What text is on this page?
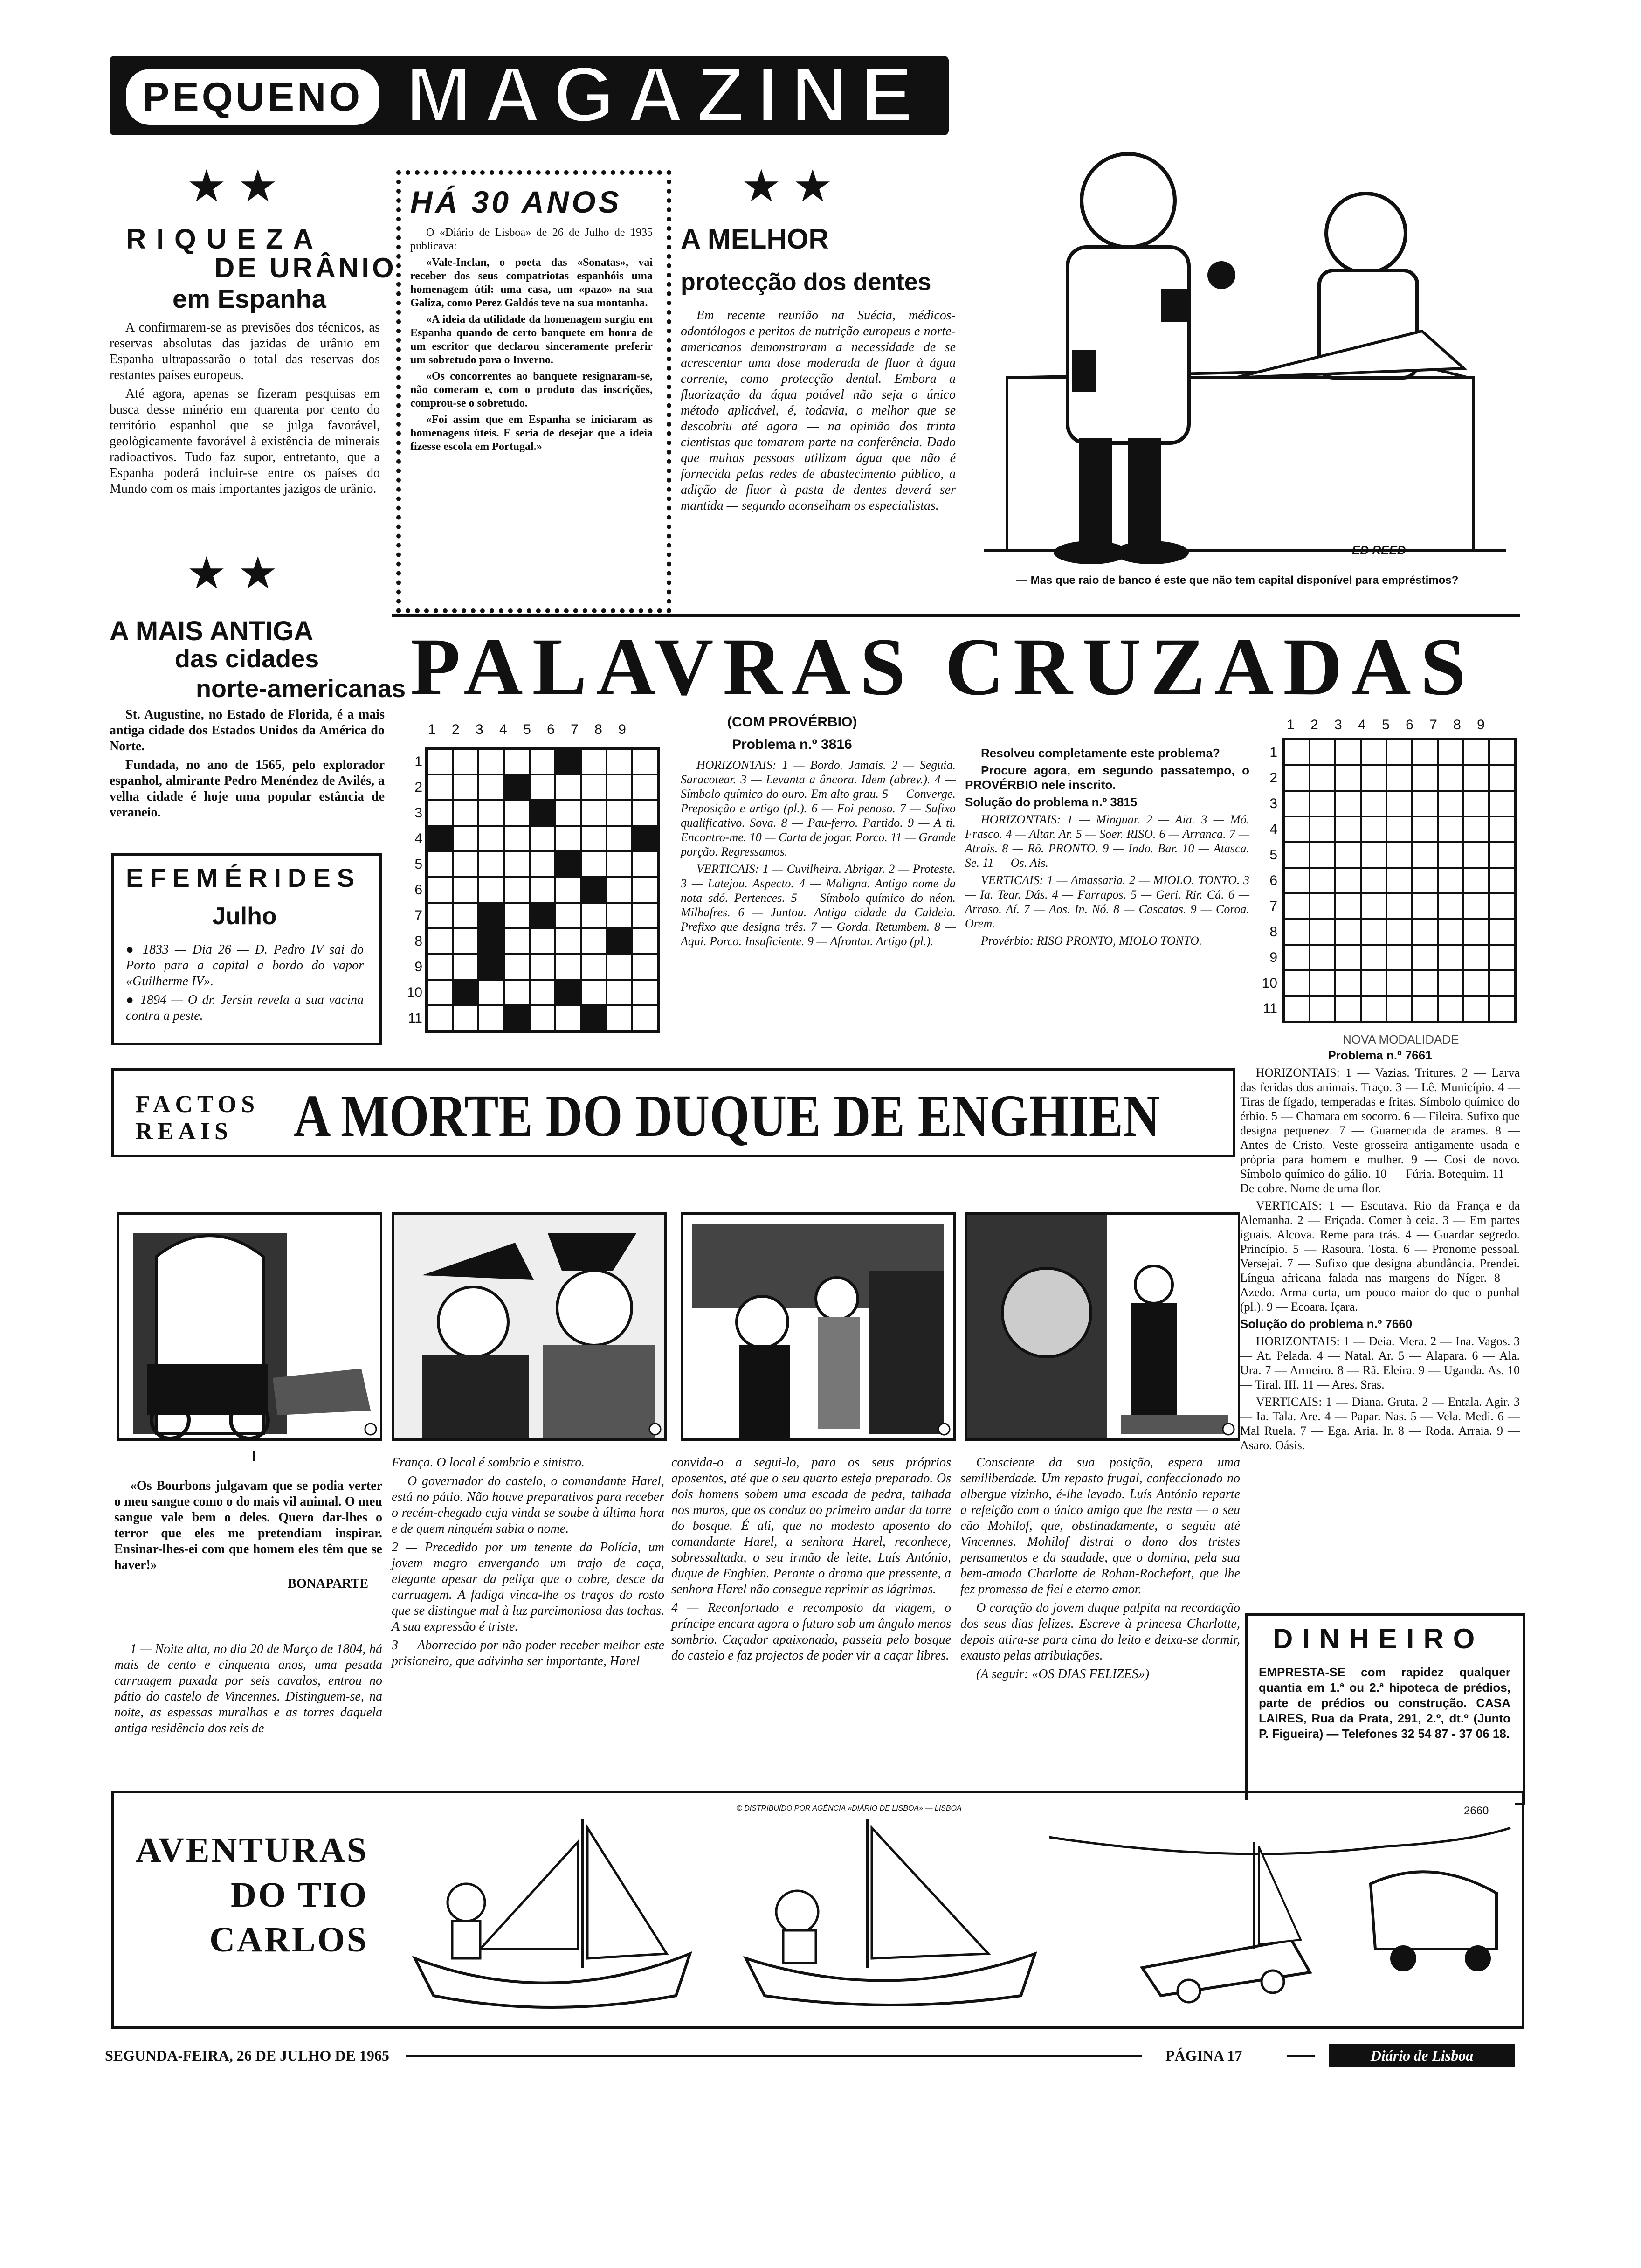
PEQUENO MAGAZINE
★★
RIQUEZA
DE URÂNIO
em Espanha

A confirmarem-se as previsões dos técnicos, as reservas absolutas das jazidas de urânio em Espanha ultrapassarão o total das reservas dos restantes países europeus.

Até agora, apenas se fizeram pesquisas em busca desse minério em quarenta por cento do território espanhol que se julga favorável, geològicamente favorável à existência de minerais radioactivos. Tudo faz supor, entretanto, que a Espanha poderá incluir-se entre os países do Mundo com os mais importantes jazigos de urânio.

★★
HÁ 30 ANOS

O «Diário de Lisboa» de 26 de Julho de 1935 publicava:

«Vale-Inclan, o poeta das «Sonatas», vai receber dos seus compatriotas espanhóis uma homenagem útil: uma casa, um «pazo» na sua Galiza, como Perez Galdós teve na sua montanha.

«A ideia da utilidade da homenagem surgiu em Espanha quando de certo banquete em honra de um escritor que declarou sinceramente preferir um sobretudo para o Inverno.

«Os concorrentes ao banquete resignaram-se, não comeram e, com o produto das inscrições, comprou-se o sobretudo.

«Foi assim que em Espanha se iniciaram as homenagens úteis. E seria de desejar que a ideia fizesse escola em Portugal.»

★★
A MELHOR
protecção dos dentes

Em recente reunião na Suécia, médicos-odontólogos e peritos de nutrição europeus e norte-americanos demonstraram a necessidade de se acrescentar uma dose moderada de fluor à água corrente, como protecção dental. Embora a fluorização da água potável não seja o único método aplicável, é, todavia, o melhor que se descobriu até agora — na opinião dos trinta cientistas que tomaram parte na conferência. Dado que muitas pessoas utilizam água que não é fornecida pelas redes de abastecimento público, a adição de fluor à pasta de dentes deverá ser mantida — segundo aconselham os especialistas.

ED REED
— Mas que raio de banco é este que não tem capital disponível para empréstimos?
A MAIS ANTIGA
das cidades
norte-americanas

St. Augustine, no Estado de Florida, é a mais antiga cidade dos Estados Unidos da América do Norte.

Fundada, no ano de 1565, pelo explorador espanhol, almirante Pedro Menéndez de Avilés, a velha cidade é hoje uma popular estância de veraneio.

EFEMÉRIDES
Julho

● 1833 — Dia 26 — D. Pedro IV sai do Porto para a capital a bordo do vapor «Guilherme IV».

● 1894 — O dr. Jersin revela a sua vacina contra a peste.

PALAVRAS CRUZADAS
1 2 3 4 5 6 7 8 9
1
2
3
4
5
6
7
8
9
10
11
(COM PROVÉRBIO)
Problema n.º 3816

HORIZONTAIS: 1 — Bordo. Jamais. 2 — Seguia. Saracotear. 3 — Levanta a âncora. Idem (abrev.). 4 — Símbolo químico do ouro. Em alto grau. 5 — Converge. Preposição e artigo (pl.). 6 — Foi penoso. 7 — Sufixo qualificativo. Sova. 8 — Pau-ferro. Partido. 9 — A ti. Encontro-me. 10 — Carta de jogar. Porco. 11 — Grande porção. Regressamos.

VERTICAIS: 1 — Cuvilheira. Abrigar. 2 — Proteste. 3 — Latejou. Aspecto. 4 — Maligna. Antigo nome da nota sdó. Pertences. 5 — Símbolo químico do néon. Milhafres. 6 — Juntou. Antiga cidade da Caldeia. Prefixo que designa três. 7 — Gorda. Retumbem. 8 — Aqui. Porco. Insuficiente. 9 — Afrontar. Artigo (pl.).

Resolveu completamente este problema?

Procure agora, em segundo passatempo, o PROVÉRBIO nele inscrito.

Solução do problema n.º 3815

HORIZONTAIS: 1 — Minguar. 2 — Aia. 3 — Mó. Frasco. 4 — Altar. Ar. 5 — Soer. RISO. 6 — Arranca. 7 — Atrais. 8 — Rô. PRONTO. 9 — Indo. Bar. 10 — Atasca. Se. 11 — Os. Ais.

VERTICAIS: 1 — Amassaria. 2 — MIOLO. TONTO. 3 — Ia. Tear. Dás. 4 — Farrapos. 5 — Geri. Rir. Cá. 6 — Arraso. Aí. 7 — Aos. In. Nó. 8 — Cascatas. 9 — Coroa. Orem.

Provérbio: RISO PRONTO, MIOLO TONTO.

1 2 3 4 5 6 7 8 9
1
2
3
4
5
6
7
8
9
10
11
NOVA MODALIDADE

Problema n.º 7661

HORIZONTAIS: 1 — Vazias. Tritures. 2 — Larva das feridas dos animais. Traço. 3 — Lê. Município. 4 — Tiras de fígado, temperadas e fritas. Símbolo químico do érbio. 5 — Chamara em socorro. 6 — Fileira. Sufixo que designa pequenez. 7 — Guarnecida de arames. 8 — Antes de Cristo. Veste grosseira antigamente usada e própria para homem e mulher. 9 — Cosi de novo. Símbolo químico do gálio. 10 — Fúria. Botequim. 11 — De cobre. Nome de uma flor.

VERTICAIS: 1 — Escutava. Rio da França e da Alemanha. 2 — Eriçada. Comer à ceia. 3 — Em partes iguais. Alcova. Reme para trás. 4 — Guardar segredo. Princípio. 5 — Rasoura. Tosta. 6 — Pronome pessoal. Versejai. 7 — Sufixo que designa abundância. Prendei. Língua africana falada nas margens do Níger. 8 — Azedo. Arma curta, um pouco maior do que o punhal (pl.). 9 — Ecoara. Içara.

Solução do problema n.º 7660

HORIZONTAIS: 1 — Deia. Mera. 2 — Ina. Vagos. 3 — At. Pelada. 4 — Natal. Ar. 5 — Alapara. 6 — Ala. Ura. 7 — Armeiro. 8 — Rã. Eleira. 9 — Uganda. As. 10 — Tiral. III. 11 — Ares. Sras.

VERTICAIS: 1 — Diana. Gruta. 2 — Entala. Agir. 3 — Ia. Tala. Are. 4 — Papar. Nas. 5 — Vela. Medi. 6 — Mal Ruela. 7 — Ega. Aria. Ir. 8 — Roda. Arraia. 9 — Asaro. Oásis.

FACTOS
REAIS	A MORTE DO DUQUE DE ENGHIEN
I

«Os Bourbons julgavam que se podia verter o meu sangue como o do mais vil animal. O meu sangue vale bem o deles. Quero dar-lhes o terror que eles me pretendiam inspirar. Ensinar-lhes-ei com que homem eles têm que se haver!»

BONAPARTE

1 — Noite alta, no dia 20 de Março de 1804, há mais de cento e cinquenta anos, uma pesada carruagem puxada por seis cavalos, entrou no pátio do castelo de Vincennes. Distinguem-se, na noite, as espessas muralhas e as torres daquela antiga residência dos reis de

França. O local é sombrio e sinistro.

O governador do castelo, o comandante Harel, está no pátio. Não houve preparativos para receber o recém-chegado cuja vinda se soube à última hora e de quem ninguém sabia o nome.

2 — Precedido por um tenente da Polícia, um jovem magro envergando um trajo de caça, elegante apesar da peliça que o cobre, desce da carruagem. A fadiga vinca-lhe os traços do rosto que se distingue mal à luz parcimoniosa das tochas. A sua expressão é triste.

3 — Aborrecido por não poder receber melhor este prisioneiro, que adivinha ser importante, Harel

convida-o a segui-lo, para os seus próprios aposentos, até que o seu quarto esteja preparado. Os dois homens sobem uma escada de pedra, talhada nos muros, que os conduz ao primeiro andar da torre do bosque. É ali, que no modesto aposento do comandante Harel, a senhora Harel, reconhece, sobressaltada, o seu irmão de leite, Luís António, duque de Enghien. Perante o drama que pressente, a senhora Harel não consegue reprimir as lágrimas.

4 — Reconfortado e recomposto da viagem, o príncipe encara agora o futuro sob um ângulo menos sombrio. Caçador apaixonado, passeia pelo bosque do castelo e faz projectos de poder vir a caçar libres.

Consciente da sua posição, espera uma semiliberdade. Um repasto frugal, confeccionado no albergue vizinho, é-lhe levado. Luís António reparte a refeição com o único amigo que lhe resta — o seu cão Mohilof, que, obstinadamente, o seguiu até Vincennes. Mohilof distrai o dono dos tristes pensamentos e da saudade, que o domina, pela sua bem-amada Charlotte de Rohan-Rochefort, que lhe fez promessa de fiel e eterno amor.

O coração do jovem duque palpita na recordação dos seus dias felizes. Escreve à princesa Charlotte, depois atira-se para cima do leito e deixa-se dormir, exausto pelas atribulações.

(A seguir: «OS DIAS FELIZES»)

DINHEIRO
EMPRESTA-SE com rapidez qualquer quantia em 1.ª ou 2.ª hipoteca de prédios, parte de prédios ou construção. CASA LAIRES, Rua da Prata, 291, 2.º, dt.º (Junto P. Figueira) — Telefones 32 54 87 - 37 06 18.
AVENTURAS
DO TIO
CARLOS
© DISTRIBUÍDO POR AGÊNCIA «DIÁRIO DE LISBOA» — LISBOA	2660
SEGUNDA-FEIRA, 26 DE JULHO DE 1965	PÁGINA 17	Diário de Lisboa
